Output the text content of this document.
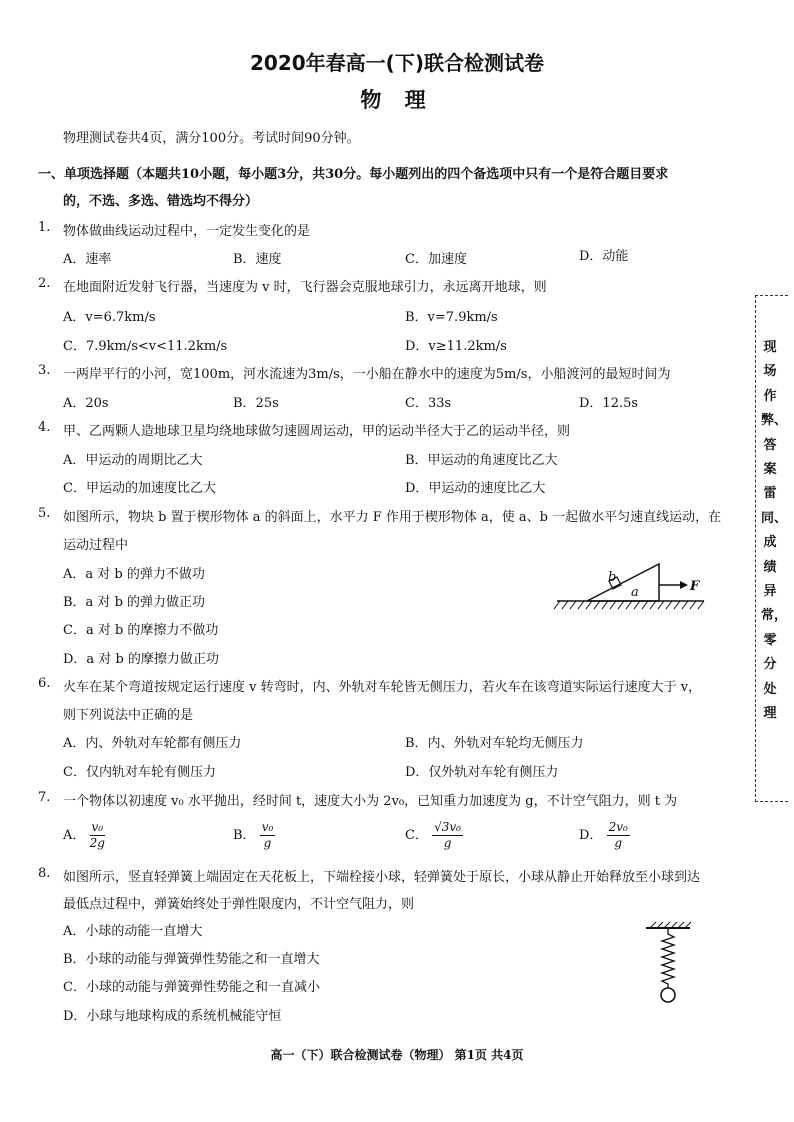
2020年春高一(下)联合检测试卷
物 理
物理测试卷共4页，满分100分。考试时间90分钟。
一、单项选择题（本题共10小题，每小题3分，共30分。每小题列出的四个备选项中只有一个是符合题目要求
的，不选、多选、错选均不得分）
1. 物体做曲线运动过程中，一定发生变化的是
A．速率	B．速度	C．加速度	D．动能
2. 在地面附近发射飞行器，当速度为 v 时，飞行器会克服地球引力，永远离开地球，则
A．v=6.7km/s	B．v=7.9km/s
C．7.9km/s<v<11.2km/s	D．v≥11.2km/s
3. 一两岸平行的小河，宽100m，河水流速为3m/s，一小船在静水中的速度为5m/s，小船渡河的最短时间为
A．20s	B．25s	C．33s	D．12.5s
4. 甲、乙两颗人造地球卫星均绕地球做匀速圆周运动，甲的运动半径大于乙的运动半径，则
A．甲运动的周期比乙大	B．甲运动的角速度比乙大
C．甲运动的加速度比乙大	D．甲运动的速度比乙大
5. 如图所示，物块 b 置于楔形物体 a 的斜面上，水平力 F 作用于楔形物体 a，使 a、b 一起做水平匀速直线运动，在
运动过程中
A．a 对 b 的弹力不做功
B．a 对 b 的弹力做正功
C．a 对 b 的摩擦力不做功
D．a 对 b 的摩擦力做正功
b
a	F
6. 火车在某个弯道按规定运行速度 v 转弯时，内、外轨对车轮皆无侧压力，若火车在该弯道实际运行速度大于 v，
则下列说法中正确的是
A．内、外轨对车轮都有侧压力	B．内、外轨对车轮均无侧压力
C．仅内轨对车轮有侧压力	D．仅外轨对车轮有侧压力
7. 一个物体以初速度 v₀ 水平抛出，经时间 t，速度大小为 2v₀，已知重力加速度为 g，不计空气阻力，则 t 为
A． $\frac{\text{v₀}}{2g}$	B． $\frac{\text{v₀}}{g}$	C． $\frac{\text{√3v₀}}{g}$	D． $\frac{\text{2v₀}}{g}$
8. 如图所示，竖直轻弹簧上端固定在天花板上，下端栓接小球，轻弹簧处于原长，小球从静止开始释放至小球到达
最低点过程中，弹簧始终处于弹性限度内，不计空气阻力，则
A．小球的动能一直增大
B．小球的动能与弹簧弹性势能之和一直增大
C．小球的动能与弹簧弹性势能之和一直减小
D．小球与地球构成的系统机械能守恒
现场作弊、答案雷同、成绩异常，零分处理
高一（下）联合检测试卷（物理） 第1页 共4页
